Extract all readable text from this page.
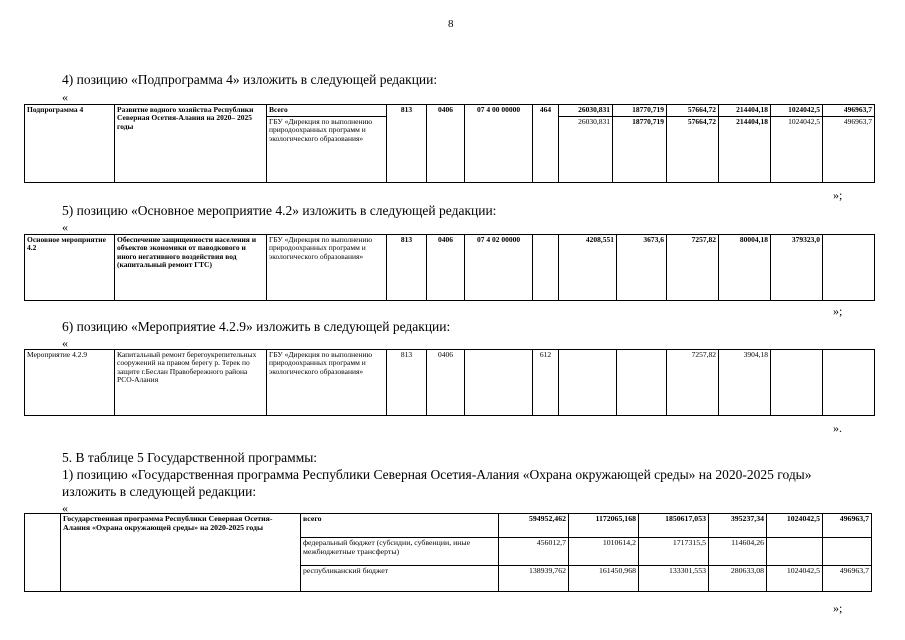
8
4) позицию «Подпрограмма 4» изложить в следующей редакции:
«
Подпрограмма 4	Развитие водного хозяйства Республики Северная Осетия-Алания на 2020– 2025 годы	Всего	813	0406	07 4 00 00000	464	26030,831	18770,719	57664,72	214404,18	1024042,5	496963,7
		ГБУ «Дирекция по выполнению природоохранных программ и экологического образования»					26030,831	18770,719	57664,72	214404,18	1024042,5	496963,7
»;
5) позицию «Основное мероприятие 4.2» изложить в следующей редакции:
«
Основное мероприятие 4.2	Обеспечение защищенности населения и объектов экономики от паводкового и иного негативного воздействия вод (капитальный ремонт ГТС)	ГБУ «Дирекция по выполнению природоохранных программ и экологического образования»	813	0406	07 4 02 00000		4208,551	3673,6	7257,82	80004,18	379323,0	
»;
6) позицию «Мероприятие 4.2.9» изложить в следующей редакции:
«
Мероприятие 4.2.9	Капитальный ремонт берегоукрепительных сооружений на правом берегу р. Терек по защите г.Беслан Правобережного района РСО-Алания	ГБУ «Дирекция по выполнению природоохранных программ и экологического образования»	813	0406		612			7257,82	3904,18		
».
5. В таблице 5 Государственной программы:
1) позицию «Государственная программа Республики Северная Осетия-Алания «Охрана окружающей среды» на 2020-2025 годы»
изложить в следующей редакции:
«
	Государственная программа Республики Северная Осетия-Алания «Охрана окружающей среды» на 2020-2025 годы	всего	594952,462	1172065,168	1850617,053	395237,34	1024042,5	496963,7
		федеральный бюджет (субсидии, субвенции, иные межбюджетные трансферты)	456012,7	1010614,2	1717315,5	114604,26		
		республиканский бюджет	138939,762	161450,968	133301,553	280633,08	1024042,5	496963,7
»;
